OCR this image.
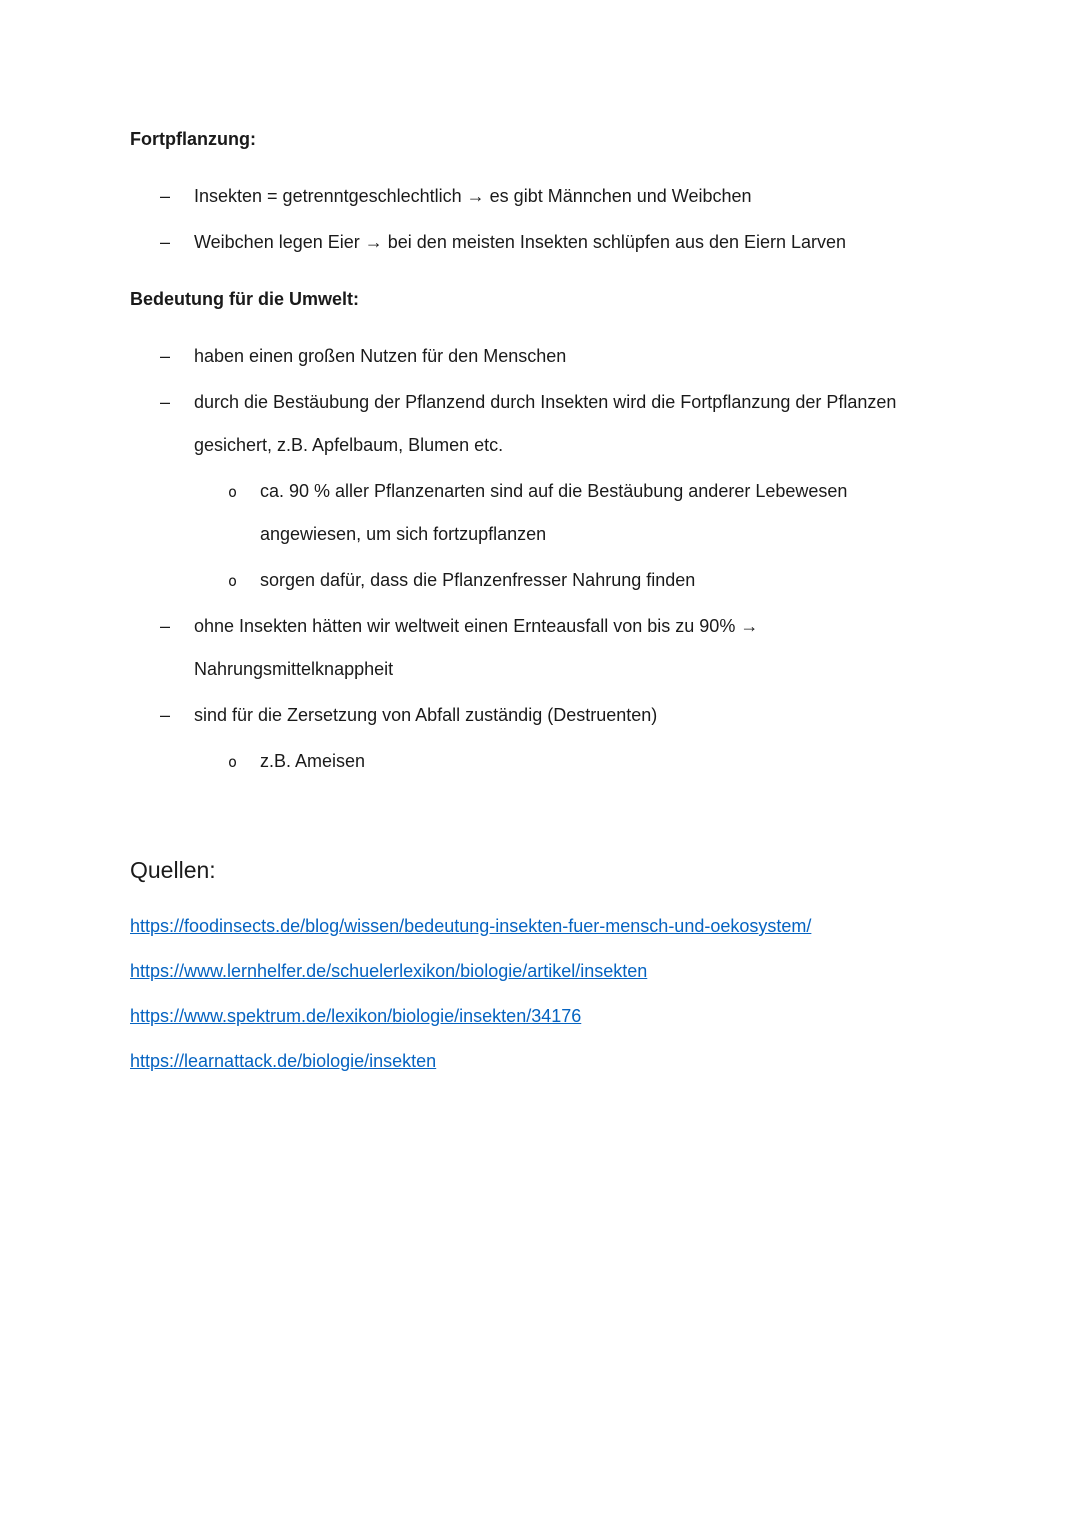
Fortpflanzung:

–	Insekten = getrenntgeschlechtlich → es gibt Männchen und Weibchen
–	Weibchen legen Eier → bei den meisten Insekten schlüpfen aus den Eiern Larven

Bedeutung für die Umwelt:

–	haben einen großen Nutzen für den Menschen
–	durch die Bestäubung der Pflanzend durch Insekten wird die Fortpflanzung der Pflanzen gesichert, z.B. Apfelbaum, Blumen etc.
o	ca. 90 % aller Pflanzenarten sind auf die Bestäubung anderer Lebewesen angewiesen, um sich fortzupflanzen
o	sorgen dafür, dass die Pflanzenfresser Nahrung finden
–	ohne Insekten hätten wir weltweit einen Ernteausfall von bis zu 90% → Nahrungsmittelknappheit
–	sind für die Zersetzung von Abfall zuständig (Destruenten)
o	z.B. Ameisen

Quellen:

https://foodinsects.de/blog/wissen/bedeutung-insekten-fuer-mensch-und-oekosystem/
https://www.lernhelfer.de/schuelerlexikon/biologie/artikel/insekten
https://www.spektrum.de/lexikon/biologie/insekten/34176
https://learnattack.de/biologie/insekten
